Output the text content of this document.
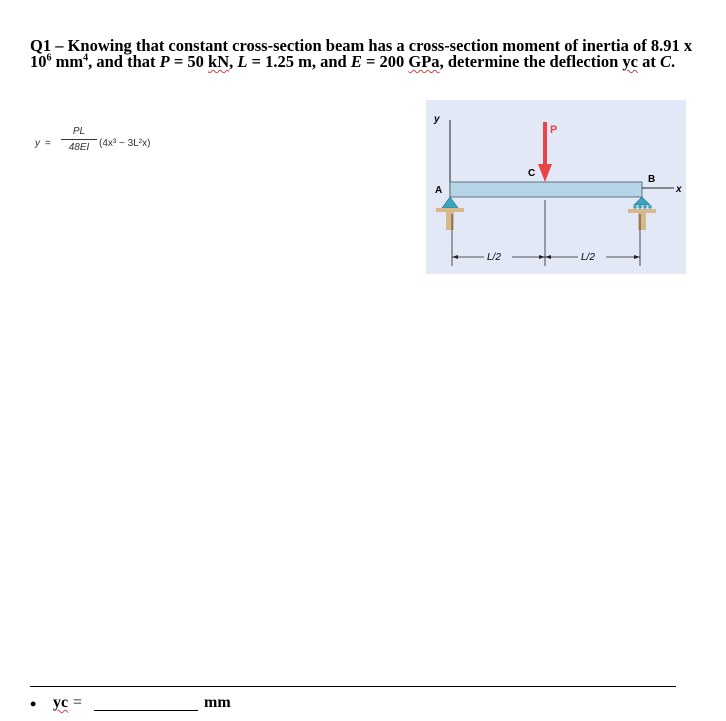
Q1 – Knowing that constant cross-section beam has a cross-section moment of inertia of 8.91 x $10^6$ $mm^4$, and that P = 50 kN, L = 1.25 m, and E = 200 GPa, determine the deflection yc at C.
y =
PL
48EI (4x³ − 3L²x)
y
x
P
C
A
B
L/2	L/2
• yc =	mm
